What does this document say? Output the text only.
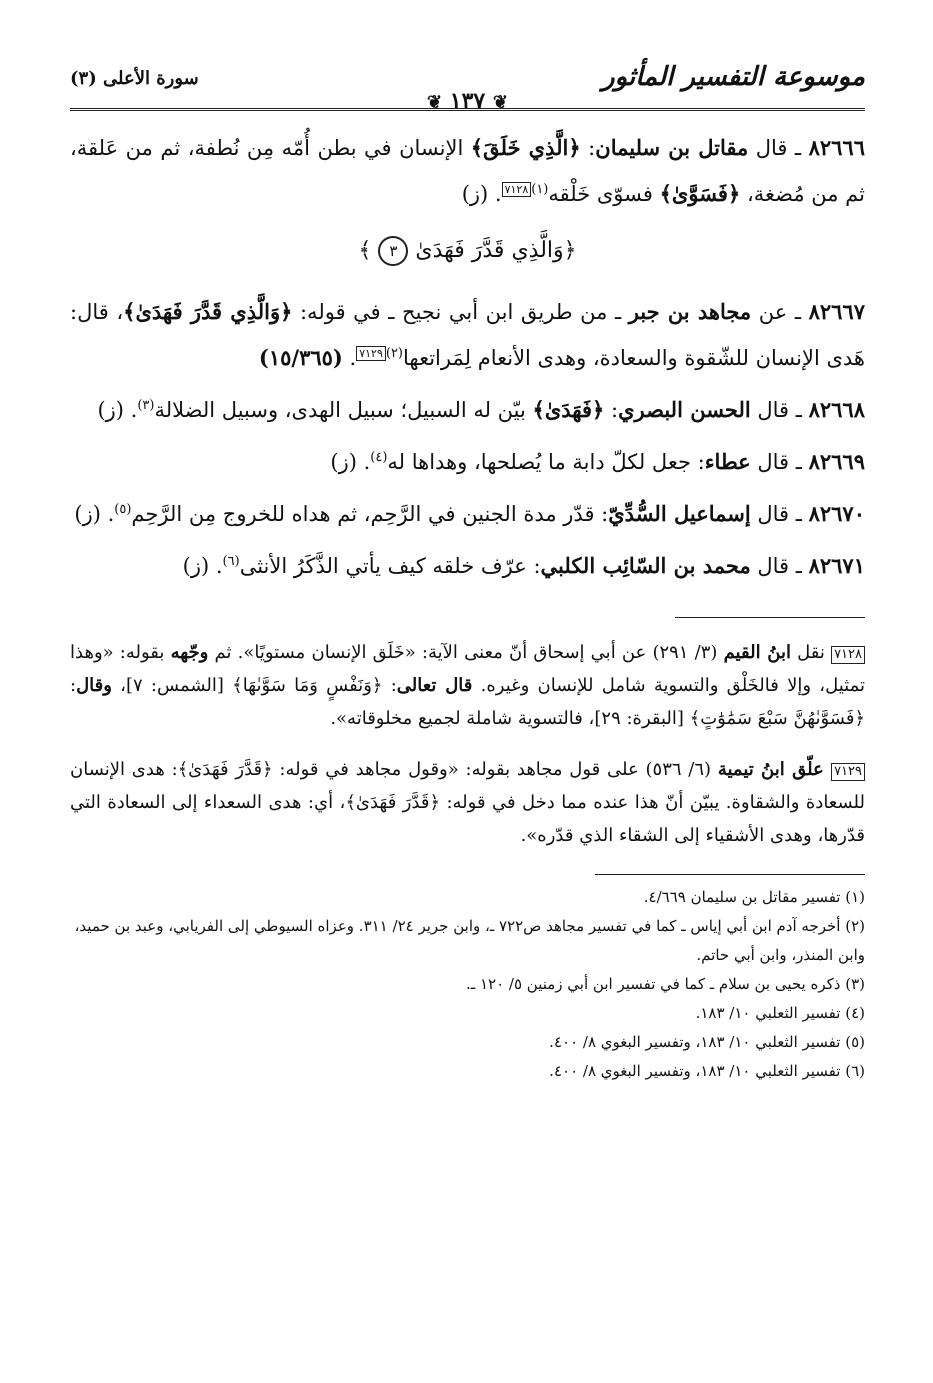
موسوعة التفسير المأثور
❦ ١٣٧ ❦
سورة الأعلى (٣)

٨٢٦٦٦ ـ قال مقاتل بن سليمان: ﴿الَّذِي خَلَقَ﴾ الإنسان في بطن أُمّه مِن نُطفة، ثم من عَلقة، ثم من مُضغة، ﴿فَسَوَّىٰ﴾ فسوّى خَلْقه$^{(١)}$٧١٢٨. (ز)

﴿وَالَّذِي قَدَّرَ فَهَدَىٰ ٣ ﴾

٨٢٦٦٧ ـ عن مجاهد بن جبر ـ من طريق ابن أبي نجيح ـ في قوله: ﴿وَالَّذِي قَدَّرَ فَهَدَىٰ﴾، قال: هَدى الإنسان للشّقوة والسعادة، وهدى الأنعام لِمَراتعها$^{(٢)}$٧١٢٩. (١٥/٣٦٥)

٨٢٦٦٨ ـ قال الحسن البصري: ﴿فَهَدَىٰ﴾ بيّن له السبيل؛ سبيل الهدى، وسبيل الضلالة$^{(٣)}$. (ز)

٨٢٦٦٩ ـ قال عطاء: جعل لكلّ دابة ما يُصلحها، وهداها له$^{(٤)}$. (ز)

٨٢٦٧٠ ـ قال إسماعيل السُّدِّيّ: قدّر مدة الجنين في الرَّحِم، ثم هداه للخروج مِن الرَّحِم$^{(٥)}$. (ز)

٨٢٦٧١ ـ قال محمد بن السّائِب الكلبي: عرّف خلقه كيف يأتي الذَّكَرُ الأنثى$^{(٦)}$. (ز)

٧١٢٨ نقل ابنُ القيم (٣/ ٢٩١) عن أبي إسحاق أنّ معنى الآية: «خَلَق الإنسان مستويًا». ثم وجّهه بقوله: «وهذا تمثيل، وإلا فالخَلْق والتسوية شامل للإنسان وغيره. قال تعالى: ﴿وَنَفْسٍ وَمَا سَوَّىٰهَا﴾ [الشمس: ٧]، وقال: ﴿فَسَوَّىٰهُنَّ سَبْعَ سَمَٰوَٰتٍ﴾ [البقرة: ٢٩]، فالتسوية شاملة لجميع مخلوقاته».

٧١٢٩ علّق ابنُ تيمية (٦/ ٥٣٦) على قول مجاهد بقوله: «وقول مجاهد في قوله: ﴿قَدَّرَ فَهَدَىٰ﴾: هدى الإنسان للسعادة والشقاوة. يبيّن أنّ هذا عنده مما دخل في قوله: ﴿قَدَّرَ فَهَدَىٰ﴾، أي: هدى السعداء إلى السعادة التي قدّرها، وهدى الأشقياء إلى الشقاء الذي قدّره».

(١) تفسير مقاتل بن سليمان ٤/٦٦٩.

(٢) أخرجه آدم ابن أبي إياس ـ كما في تفسير مجاهد ص٧٢٢ ـ، وابن جرير ٢٤/ ٣١١. وعزاه السيوطي إلى الفريابي، وعبد بن حميد، وابن المنذر، وابن أبي حاتم.

(٣) ذكره يحيى بن سلام ـ كما في تفسير ابن أبي زمنين ٥/ ١٢٠ ـ.

(٤) تفسير الثعلبي ١٠/ ١٨٣.

(٥) تفسير الثعلبي ١٠/ ١٨٣، وتفسير البغوي ٨/ ٤٠٠.

(٦) تفسير الثعلبي ١٠/ ١٨٣، وتفسير البغوي ٨/ ٤٠٠.
